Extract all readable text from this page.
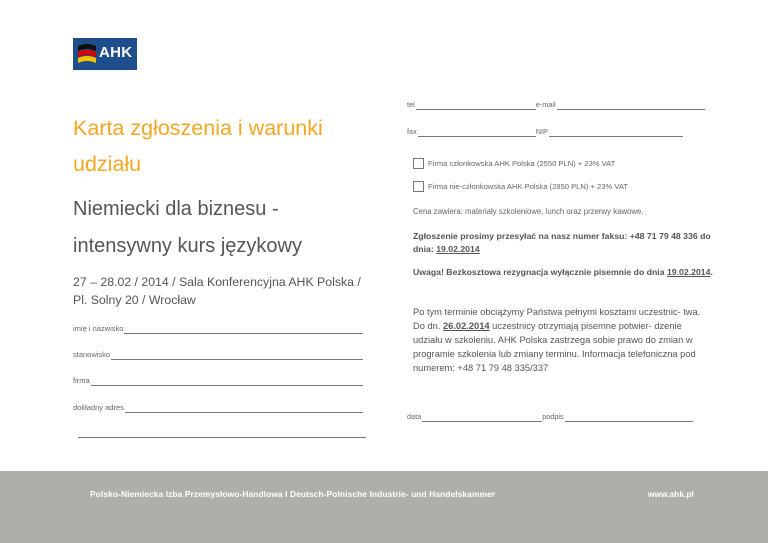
AHK
Karta zgłoszenia i warunki udziału
Niemiecki dla biznesu - intensywny kurs językowy
27 – 28.02 / 2014 / Sala Konferencyjna AHK Polska /
Pl. Solny 20 / Wrocław
imię i nazwisko
stanowisko
firma
dokładny adres
tel	e-mail
fax	NIP
Firma członkowska AHK Polska (2550 PLN) + 23% VAT
Firma nie-członkowska AHK Polska (2850 PLN) + 23% VAT
Cena zawiera: materiały szkoleniowe, lunch oraz przerwy kawowe.
Zgłoszenie prosimy przesyłać na nasz numer faksu: +48 71 79 48 336 do dnia: 19.02.2014
Uwaga! Bezkosztowa rezygnacja wyłącznie pisemnie do dnia 19.02.2014.
Po tym terminie obciążymy Państwa pełnymi kosztami uczestnic- twa. Do dn. 26.02.2014 uczestnicy otrzymają pisemne potwier- dzenie udziału w szkoleniu. AHK Polska zastrzega sobie prawo do zmian w programie szkolenia lub zmiany terminu. Informacja telefoniczna pod numerem: +48 71 79 48 335/337
data	podpis
Polsko-Niemiecka Izba Przemysłowo-Handlowa I Deutsch-Polnische Industrie- und Handelskammer	www.ahk.pl
